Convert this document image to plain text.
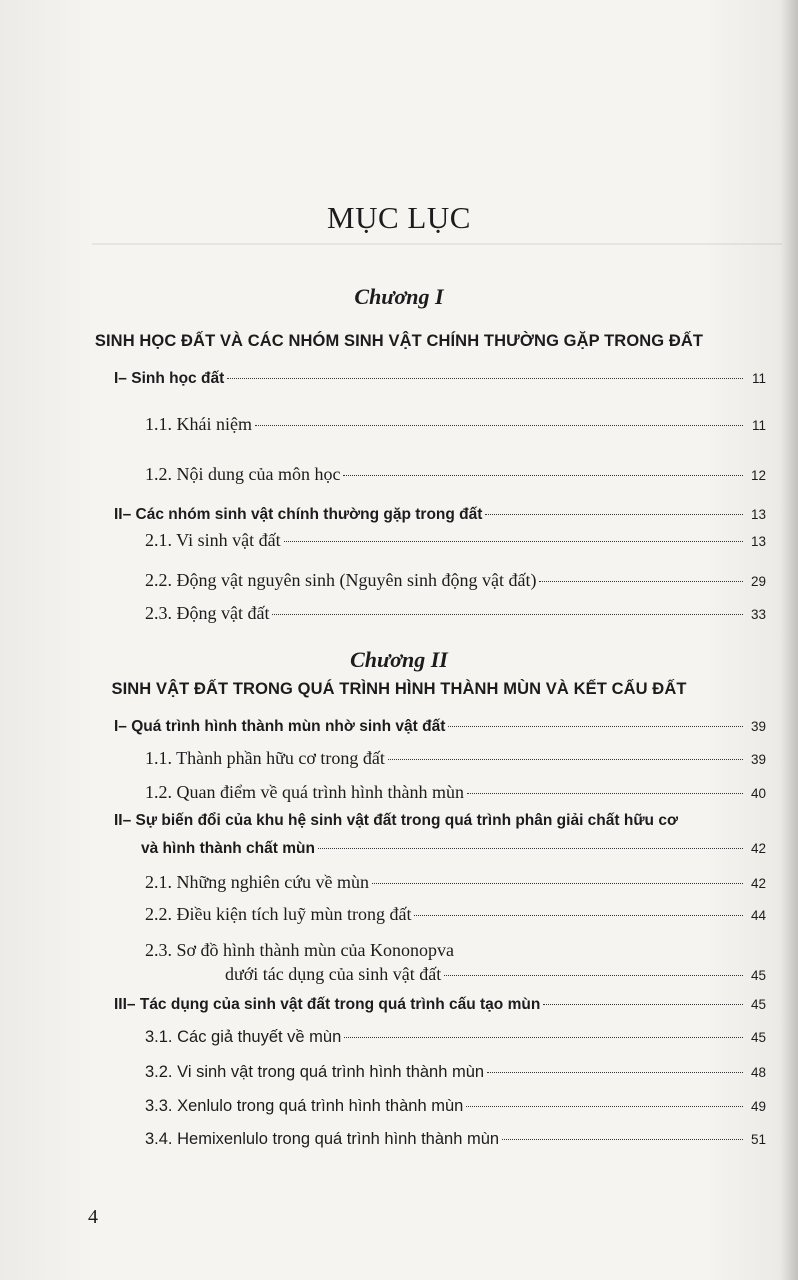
MỤC LỤC
Chương I
SINH HỌC ĐẤT VÀ CÁC NHÓM SINH VẬT CHÍNH THƯỜNG GẶP TRONG ĐẤT
I– Sinh học đất	11
1.1. Khái niệm	11
1.2. Nội dung của môn học	12
II– Các nhóm sinh vật chính thường gặp trong đất	13
2.1. Vi sinh vật đất	13
2.2. Động vật nguyên sinh (Nguyên sinh động vật đất)	29
2.3. Động vật đất	33
Chương II
SINH VẬT ĐẤT TRONG QUÁ TRÌNH HÌNH THÀNH MÙN VÀ KẾT CẤU ĐẤT
I– Quá trình hình thành mùn nhờ sinh vật đất	39
1.1. Thành phần hữu cơ trong đất	39
1.2. Quan điểm về quá trình hình thành mùn	40
II– Sự biến đổi của khu hệ sinh vật đất trong quá trình phân giải chất hữu cơ
và hình thành chất mùn	42
2.1. Những nghiên cứu về mùn	42
2.2. Điều kiện tích luỹ mùn trong đất	44
2.3. Sơ đồ hình thành mùn của Kononopva
dưới tác dụng của sinh vật đất	45
III– Tác dụng của sinh vật đất trong quá trình cấu tạo mùn	45
3.1. Các giả thuyết về mùn	45
3.2. Vi sinh vật trong quá trình hình thành mùn	48
3.3. Xenlulo trong quá trình hình thành mùn	49
3.4. Hemixenlulo trong quá trình hình thành mùn	51
4
